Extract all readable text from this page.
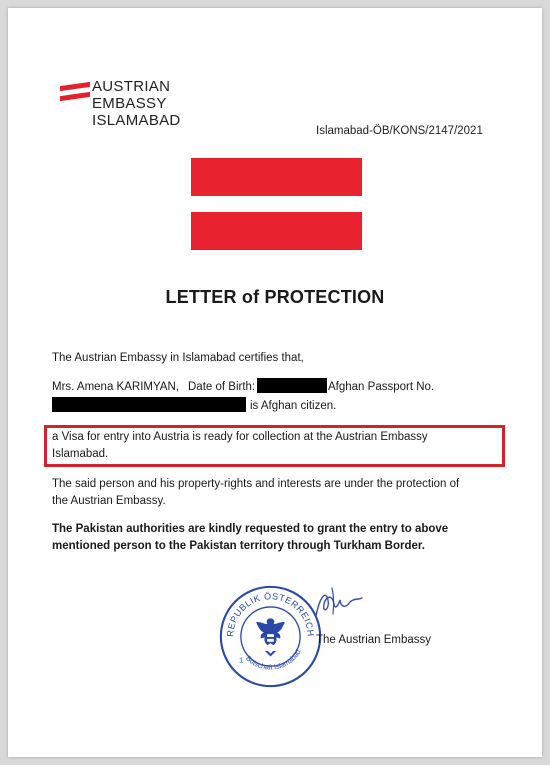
AUSTRIAN
EMBASSY
ISLAMABAD
Islamabad-ÖB/KONS/2147/2021
LETTER of PROTECTION
The Austrian Embassy in Islamabad certifies that,
Mrs. Amena KARIMYAN, Date of Birth:	Afghan Passport No.
is Afghan citizen.
a Visa for entry into Austria is ready for collection at the Austrian Embassy
Islamabad.
The said person and his property-rights and interests are under the protection of
the Austrian Embassy.
The Pakistan authorities are kindly requested to grant the entry to above
mentioned person to the Pakistan territory through Turkham Border.
REPUBLIK ÖSTERREICH
Botschaft Islamabad
1
The Austrian Embassy
